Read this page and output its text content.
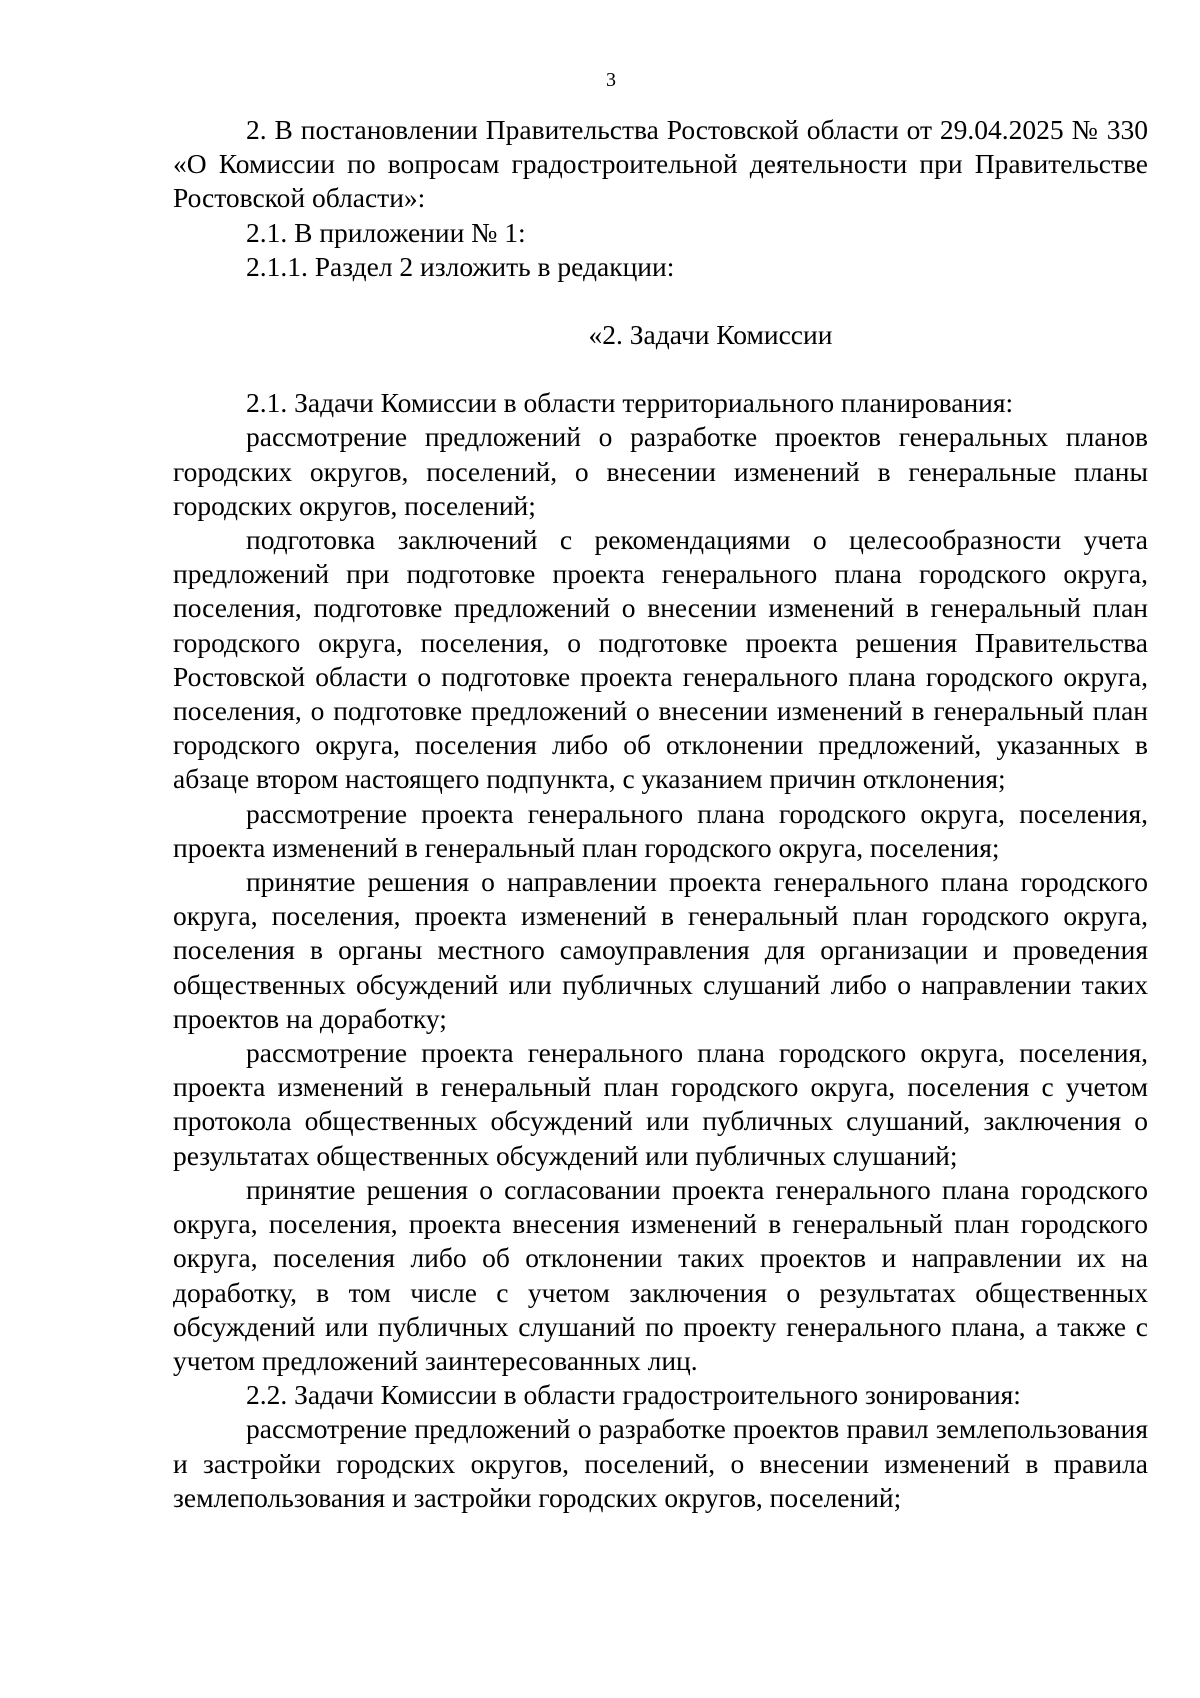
3

2. В постановлении Правительства Ростовской области от 29.04.2025 № 330 «О Комиссии по вопросам градостроительной деятельности при Правительстве Ростовской области»:

2.1. В приложении № 1:

2.1.1. Раздел 2 изложить в редакции:

«2. Задачи Комиссии

2.1. Задачи Комиссии в области территориального планирования:

рассмотрение предложений о разработке проектов генеральных планов городских округов, поселений, о внесении изменений в генеральные планы городских округов, поселений;

подготовка заключений с рекомендациями о целесообразности учета предложений при подготовке проекта генерального плана городского округа, поселения, подготовке предложений о внесении изменений в генеральный план городского округа, поселения, о подготовке проекта решения Правительства Ростовской области о подготовке проекта генерального плана городского округа, поселения, о подготовке предложений о внесении изменений в генеральный план городского округа, поселения либо об отклонении предложений, указанных в абзаце втором настоящего подпункта, с указанием причин отклонения;

рассмотрение проекта генерального плана городского округа, поселения, проекта изменений в генеральный план городского округа, поселения;

принятие решения о направлении проекта генерального плана городского округа, поселения, проекта изменений в генеральный план городского округа, поселения в органы местного самоуправления для организации и проведения общественных обсуждений или публичных слушаний либо о направлении таких проектов на доработку;

рассмотрение проекта генерального плана городского округа, поселения, проекта изменений в генеральный план городского округа, поселения с учетом протокола общественных обсуждений или публичных слушаний, заключения о результатах общественных обсуждений или публичных слушаний;

принятие решения о согласовании проекта генерального плана городского округа, поселения, проекта внесения изменений в генеральный план городского округа, поселения либо об отклонении таких проектов и направлении их на доработку, в том числе с учетом заключения о результатах общественных обсуждений или публичных слушаний по проекту генерального плана, а также с учетом предложений заинтересованных лиц.

2.2. Задачи Комиссии в области градостроительного зонирования:

рассмотрение предложений о разработке проектов правил землепользования и застройки городских округов, поселений, о внесении изменений в правила землепользования и застройки городских округов, поселений;
